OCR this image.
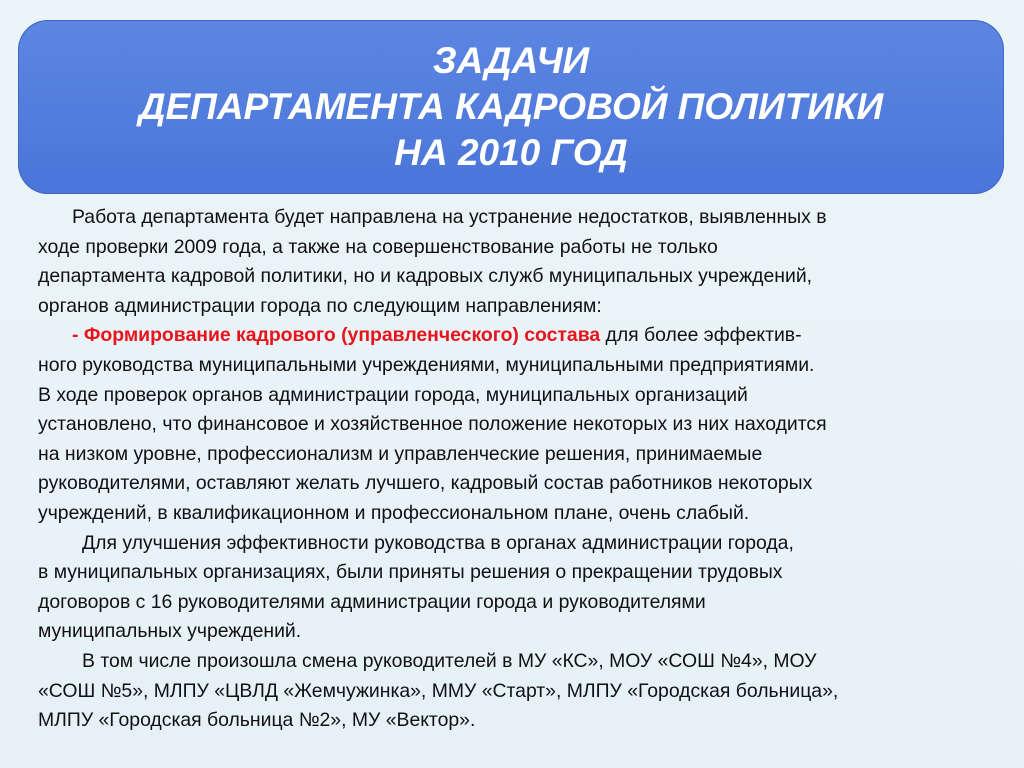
ЗАДАЧИ
ДЕПАРТАМЕНТА КАДРОВОЙ ПОЛИТИКИ
НА 2010 ГОД
Работа департамента будет направлена на устранение недостатков, выявленных в
ходе проверки 2009 года, а также на совершенствование работы не только
департамента кадровой политики, но и кадровых служб муниципальных учреждений,
органов администрации города по следующим направлениям:
- Формирование кадрового (управленческого) состава для более эффектив-
ного руководства муниципальными учреждениями, муниципальными предприятиями.
В ходе проверок органов администрации города, муниципальных организаций
установлено, что финансовое и хозяйственное положение некоторых из них находится
на низком уровне, профессионализм и управленческие решения, принимаемые
руководителями, оставляют желать лучшего, кадровый состав работников некоторых
учреждений, в квалификационном и профессиональном плане, очень слабый.
Для улучшения эффективности руководства в органах администрации города,
в муниципальных организациях, были приняты решения о прекращении трудовых
договоров с 16 руководителями администрации города и руководителями
муниципальных учреждений.
В том числе произошла смена руководителей в МУ «КС», МОУ «СОШ №4», МОУ
«СОШ №5», МЛПУ «ЦВЛД «Жемчужинка», ММУ «Старт», МЛПУ «Городская больница»,
МЛПУ «Городская больница №2», МУ «Вектор».
